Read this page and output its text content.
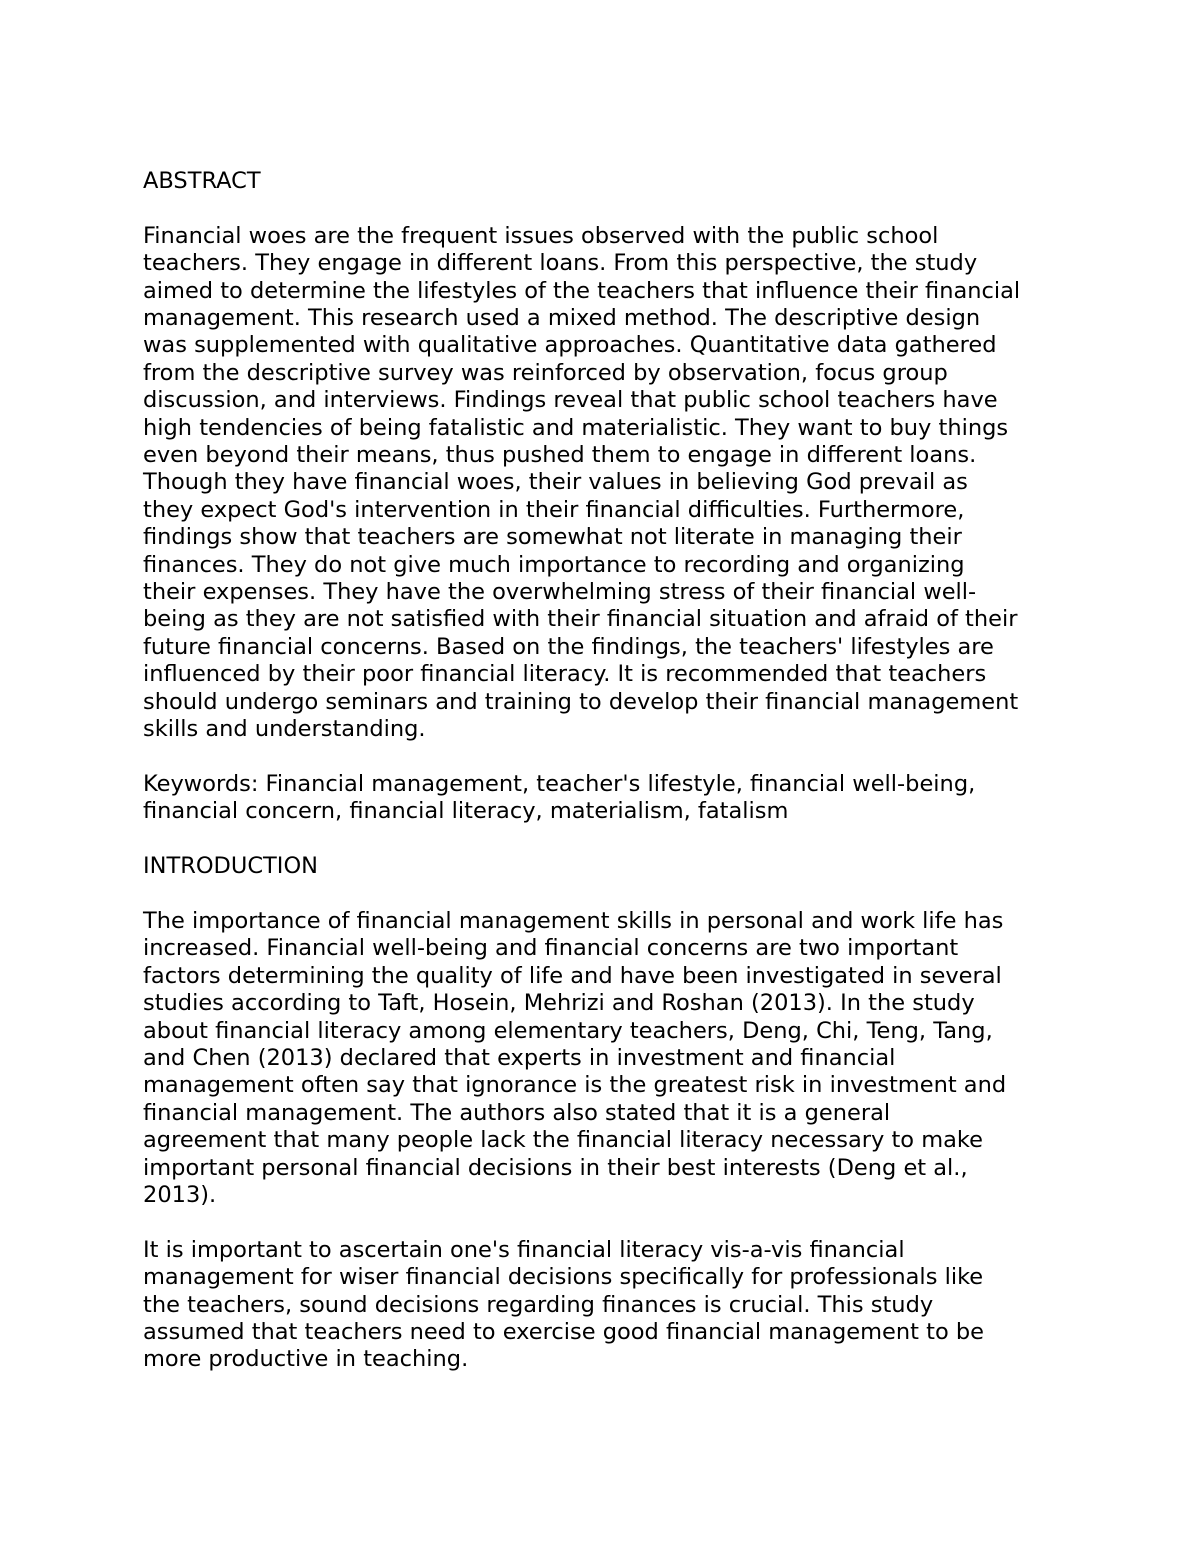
ABSTRACT

Financial woes are the frequent issues observed with the public school
teachers. They engage in different loans. From this perspective, the study
aimed to determine the lifestyles of the teachers that influence their financial
management. This research used a mixed method. The descriptive design
was supplemented with qualitative approaches. Quantitative data gathered
from the descriptive survey was reinforced by observation, focus group
discussion, and interviews. Findings reveal that public school teachers have
high tendencies of being fatalistic and materialistic. They want to buy things
even beyond their means, thus pushed them to engage in different loans.
Though they have financial woes, their values in believing God prevail as
they expect God's intervention in their financial difficulties. Furthermore,
findings show that teachers are somewhat not literate in managing their
finances. They do not give much importance to recording and organizing
their expenses. They have the overwhelming stress of their financial well-
being as they are not satisfied with their financial situation and afraid of their
future financial concerns. Based on the findings, the teachers' lifestyles are
influenced by their poor financial literacy. It is recommended that teachers
should undergo seminars and training to develop their financial management
skills and understanding.

Keywords: Financial management, teacher's lifestyle, financial well-being,
financial concern, financial literacy, materialism, fatalism

INTRODUCTION

The importance of financial management skills in personal and work life has
increased. Financial well-being and financial concerns are two important
factors determining the quality of life and have been investigated in several
studies according to Taft, Hosein, Mehrizi and Roshan (2013). In the study
about financial literacy among elementary teachers, Deng, Chi, Teng, Tang,
and Chen (2013) declared that experts in investment and financial
management often say that ignorance is the greatest risk in investment and
financial management. The authors also stated that it is a general
agreement that many people lack the financial literacy necessary to make
important personal financial decisions in their best interests (Deng et al.,
2013).

It is important to ascertain one's financial literacy vis-a-vis financial
management for wiser financial decisions specifically for professionals like
the teachers, sound decisions regarding finances is crucial. This study
assumed that teachers need to exercise good financial management to be
more productive in teaching.
